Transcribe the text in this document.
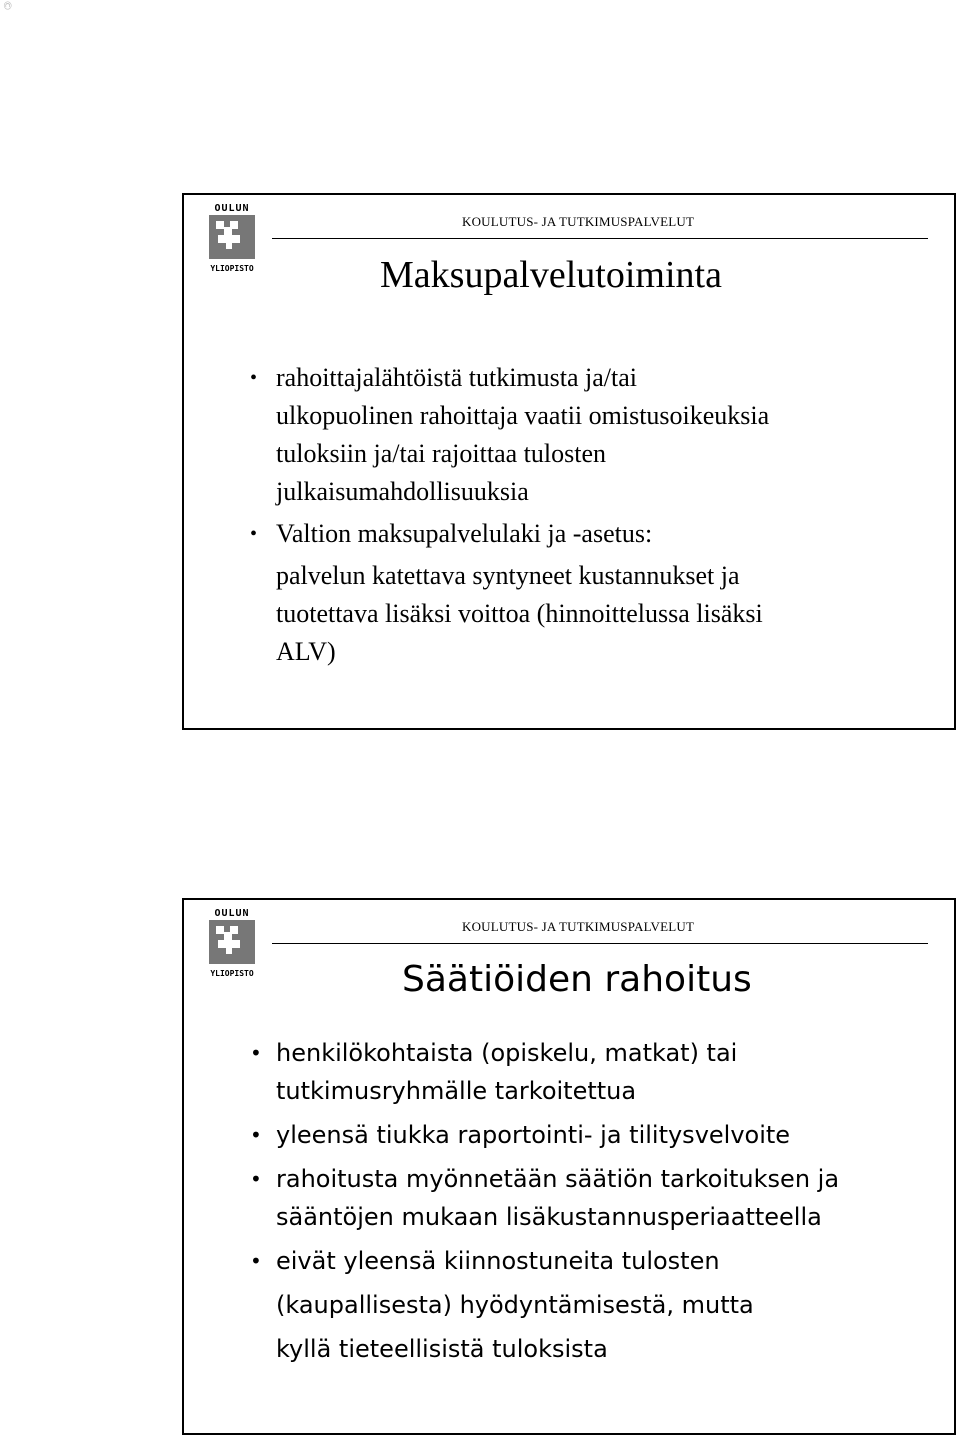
©
OULUN
YLIOPISTO
KOULUTUS- JA TUTKIMUSPALVELUT
Maksupalvelutoiminta
• rahoittajalähtöistä tutkimusta ja/tai
ulkopuolinen rahoittaja vaatii omistusoikeuksia
tuloksiin ja/tai rajoittaa tulosten
julkaisumahdollisuuksia
• Valtion maksupalvelulaki ja -asetus:
palvelun katettava syntyneet kustannukset ja
tuotettava lisäksi voittoa (hinnoittelussa lisäksi
ALV)
OULUN
YLIOPISTO
KOULUTUS- JA TUTKIMUSPALVELUT
Säätiöiden rahoitus
• henkilökohtaista (opiskelu, matkat) tai
tutkimusryhmälle tarkoitettua
• yleensä tiukka raportointi- ja tilitysvelvoite
• rahoitusta myönnetään säätiön tarkoituksen ja
sääntöjen mukaan lisäkustannusperiaatteella
• eivät yleensä kiinnostuneita tulosten
(kaupallisesta) hyödyntämisestä, mutta
kyllä tieteellisistä tuloksista
